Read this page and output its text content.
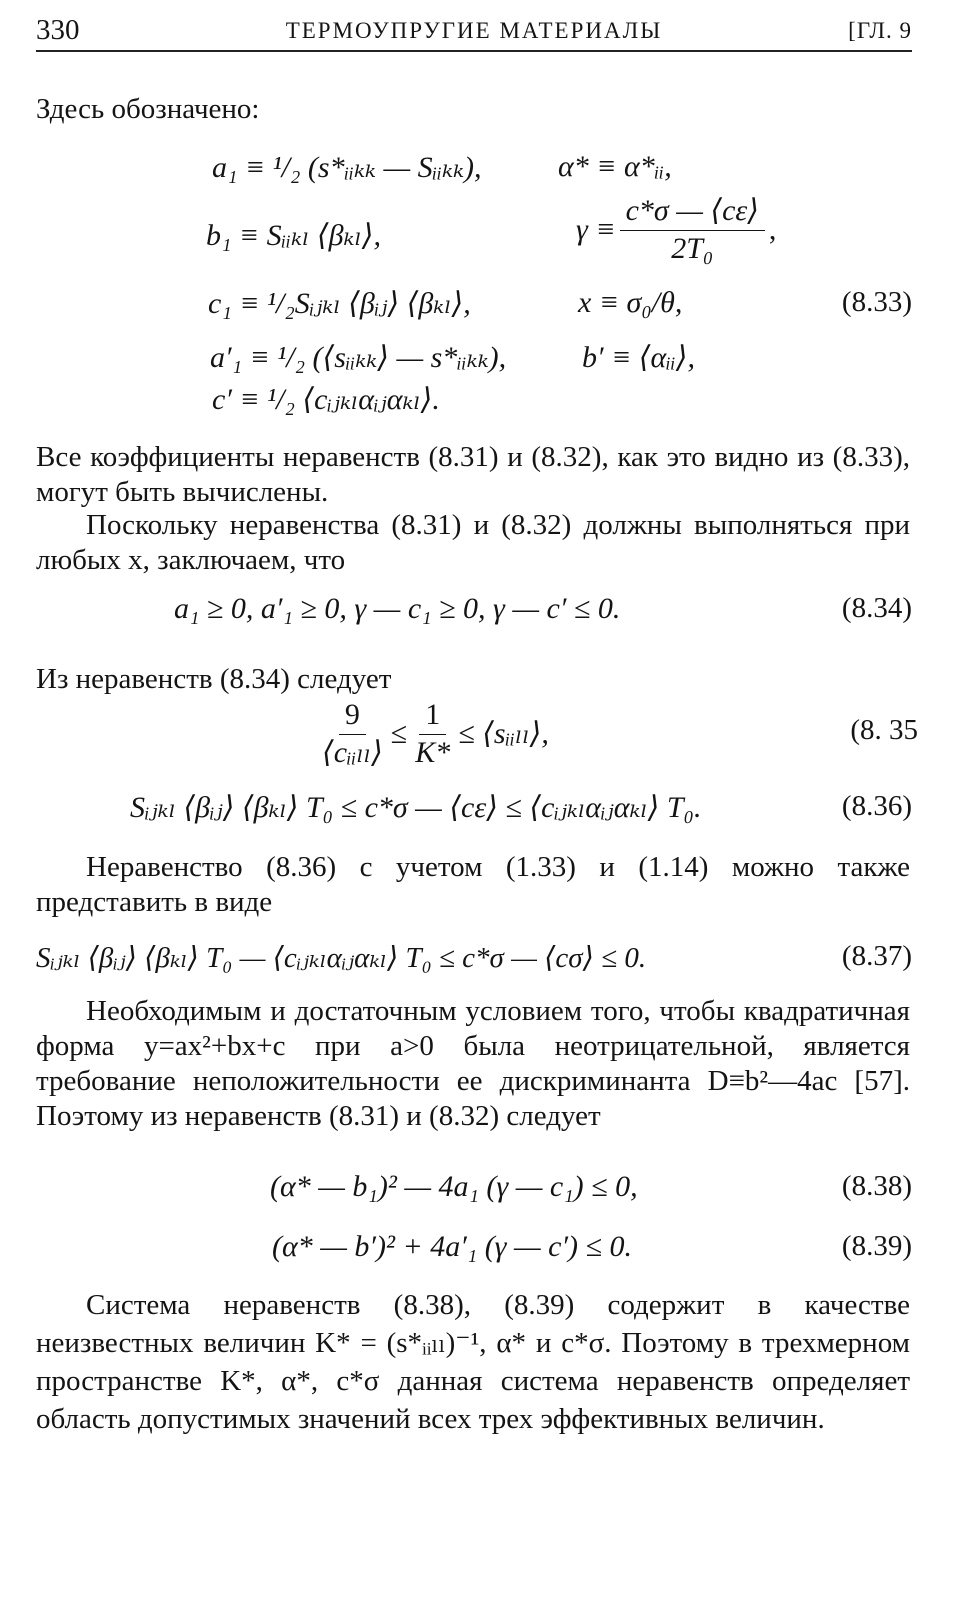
330	ТЕРМОУПРУГИЕ МАТЕРИАЛЫ	[ГЛ. 9

Здесь обозначено:

a₁ ≡ ¹/₂ (s*ᵢᵢₖₖ — Sᵢᵢₖₖ),	α* ≡ α*ᵢᵢ,
b₁ ≡ Sᵢᵢₖₗ ⟨βₖₗ⟩,	$\gamma \equiv \frac{c*\sigma — ⟨c\varepsilon⟩}{\text{2T₀}}$ ,
c₁ ≡ ¹/₂Sᵢⱼₖₗ ⟨βᵢⱼ⟩ ⟨βₖₗ⟩,	x ≡ σ₀/θ,	(8.33)
a′₁ ≡ ¹/₂ (⟨sᵢᵢₖₖ⟩ — s*ᵢᵢₖₖ),	b′ ≡ ⟨αᵢᵢ⟩,
c′ ≡ ¹/₂ ⟨cᵢⱼₖₗαᵢⱼαₖₗ⟩.

Все коэффициенты неравенств (8.31) и (8.32), как это видно из (8.33), могут быть вычислены.

Поскольку неравенства (8.31) и (8.32) должны выполняться при любых x, заключаем, что

a₁ ≥ 0, a′₁ ≥ 0, γ — c₁ ≥ 0, γ — c′ ≤ 0.	(8.34)

Из неравенств (8.34) следует

$\frac{9}{\text{⟨cᵢᵢₗₗ⟩}} \le \frac{1}{K*}$ ≤ ⟨sᵢᵢₗₗ⟩,	(8. 35
Sᵢⱼₖₗ ⟨βᵢⱼ⟩ ⟨βₖₗ⟩ T₀ ≤ c*σ — ⟨cε⟩ ≤ ⟨cᵢⱼₖₗαᵢⱼαₖₗ⟩ T₀.	(8.36)

Неравенство (8.36) с учетом (1.33) и (1.14) можно также представить в виде

Sᵢⱼₖₗ ⟨βᵢⱼ⟩ ⟨βₖₗ⟩ T₀ — ⟨cᵢⱼₖₗαᵢⱼαₖₗ⟩ T₀ ≤ c*σ — ⟨cσ⟩ ≤ 0.	(8.37)

Необходимым и достаточным условием того, чтобы квадратичная форма y=ax²+bx+c при a>0 была неотрицательной, является требование неположительности ее дискриминанта D≡b²—4ac [57]. Поэтому из неравенств (8.31) и (8.32) следует

(α* — b₁)² — 4a₁ (γ — c₁) ≤ 0,	(8.38)
(α* — b′)² + 4a′₁ (γ — c′) ≤ 0.	(8.39)

Система неравенств (8.38), (8.39) содержит в качестве неизвестных величин K* = (s*ᵢᵢₗₗ)⁻¹, α* и c*σ. Поэтому в трехмерном пространстве K*, α*, c*σ данная система неравенств определяет область допустимых значений всех трех эффективных величин.
